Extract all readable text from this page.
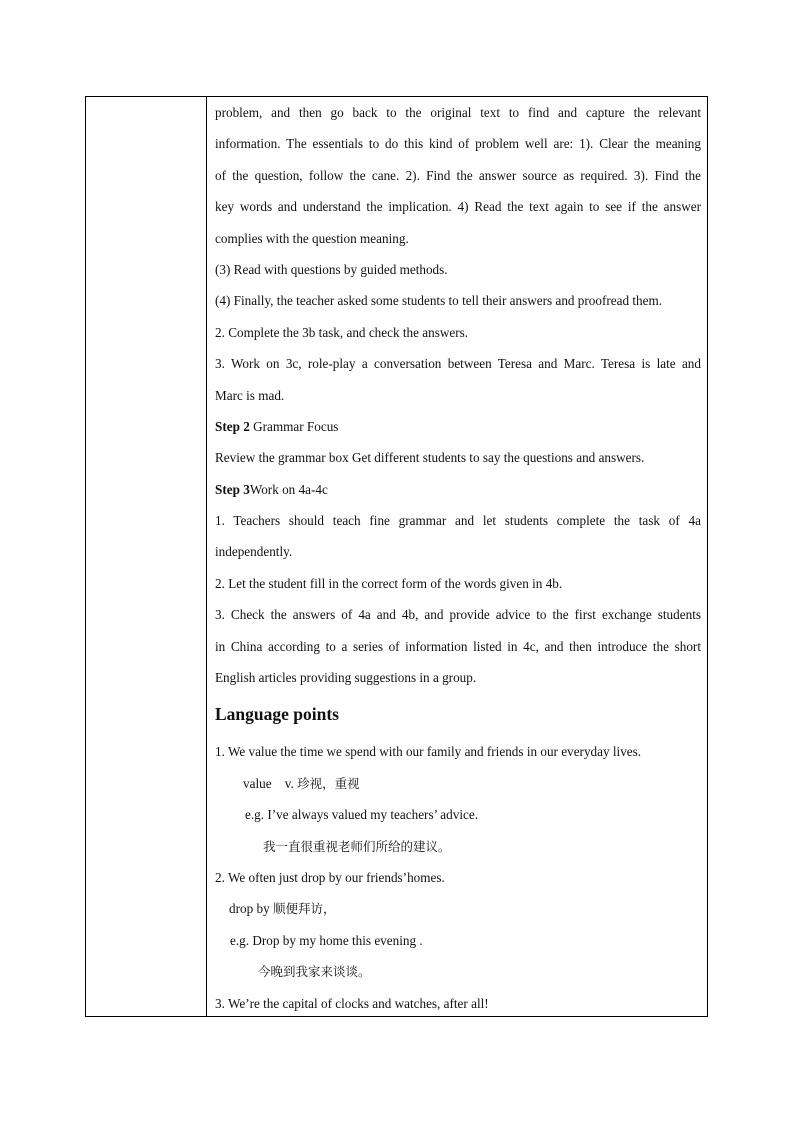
problem, and then go back to the original text to find and capture the relevant
information. The essentials to do this kind of problem well are: 1). Clear the meaning
of the question, follow the cane. 2). Find the answer source as required. 3). Find the
key words and understand the implication. 4) Read the text again to see if the answer
complies with the question meaning.
(3) Read with questions by guided methods.
(4) Finally, the teacher asked some students to tell their answers and proofread them.
2. Complete the 3b task, and check the answers.
3. Work on 3c, role-play a conversation between Teresa and Marc. Teresa is late and
Marc is mad.
Step 2 Grammar Focus
Review the grammar box Get different students to say the questions and answers.
Step 3Work on 4a-4c
1. Teachers should teach fine grammar and let students complete the task of 4a
independently.
2. Let the student fill in the correct form of the words given in 4b.
3. Check the answers of 4a and 4b, and provide advice to the first exchange students
in China according to a series of information listed in 4c, and then introduce the short
English articles providing suggestions in a group.
Language points
1. We value the time we spend with our family and friends in our everyday lives.
value v. 珍视，重视
e.g. I’ve always valued my teachers’ advice.
我一直很重视老师们所给的建议。
2. We often just drop by our friends’homes.
drop by 顺便拜访，
e.g. Drop by my home this evening .
今晚到我家来谈谈。
3. We’re the capital of clocks and watches, after all!
